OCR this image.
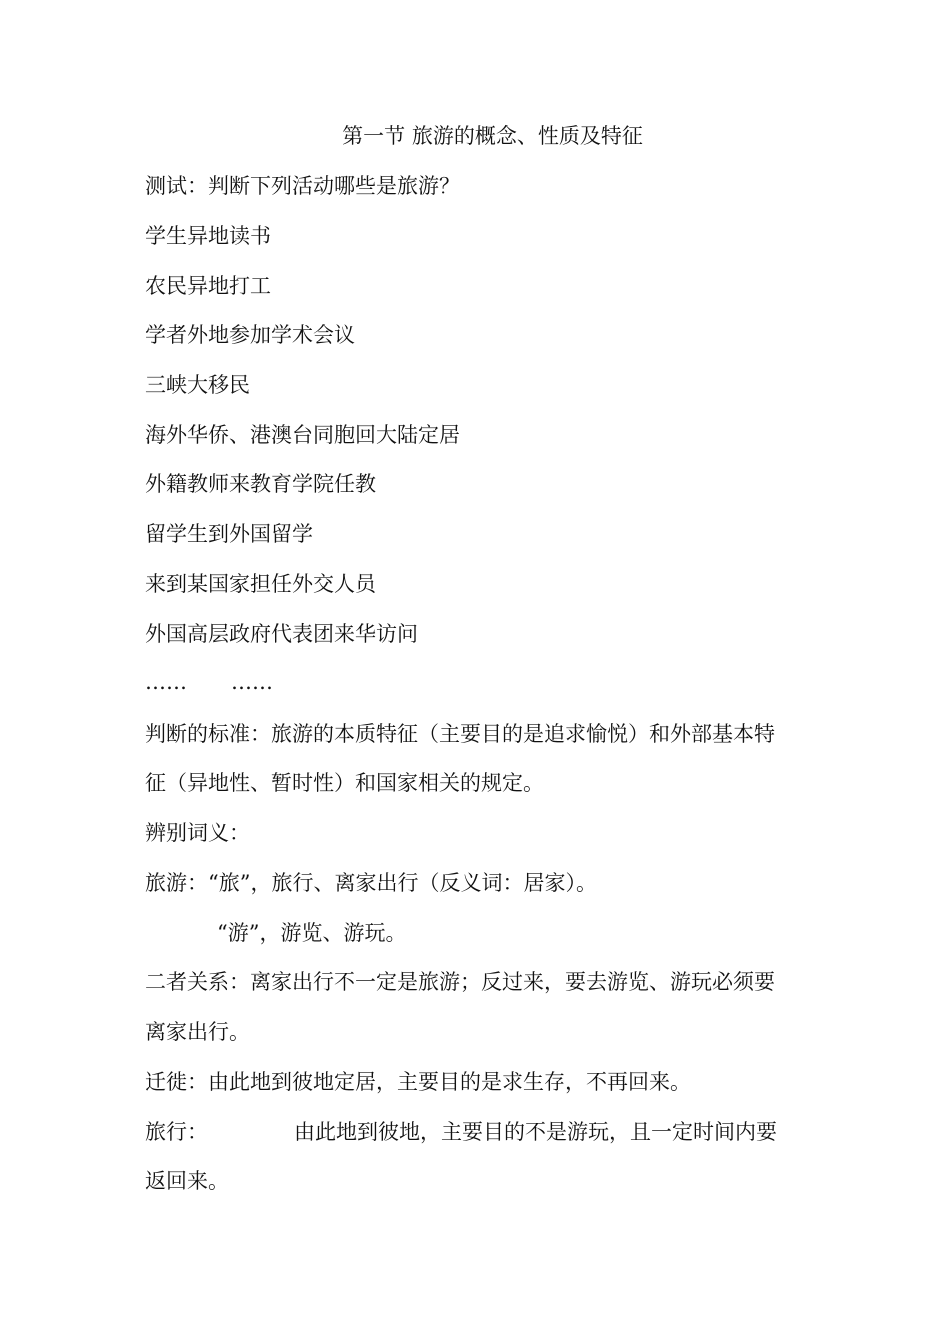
第一节 旅游的概念、性质及特征
测试：判断下列活动哪些是旅游？
学生异地读书
农民异地打工
学者外地参加学术会议
三峡大移民
海外华侨、港澳台同胞回大陆定居
外籍教师来教育学院任教
留学生到外国留学
来到某国家担任外交人员
外国高层政府代表团来华访问
…… ……
判断的标准：旅游的本质特征（主要目的是追求愉悦）和外部基本特
征（异地性、暂时性）和国家相关的规定。
辨别词义：
旅游：“旅”，旅行、离家出行（反义词：居家）。
“游”，游览、游玩。
二者关系：离家出行不一定是旅游；反过来，要去游览、游玩必须要
离家出行。
迁徙：由此地到彼地定居，主要目的是求生存，不再回来。
旅行：	由此地到彼地，主要目的不是游玩，且一定时间内要
返回来。
